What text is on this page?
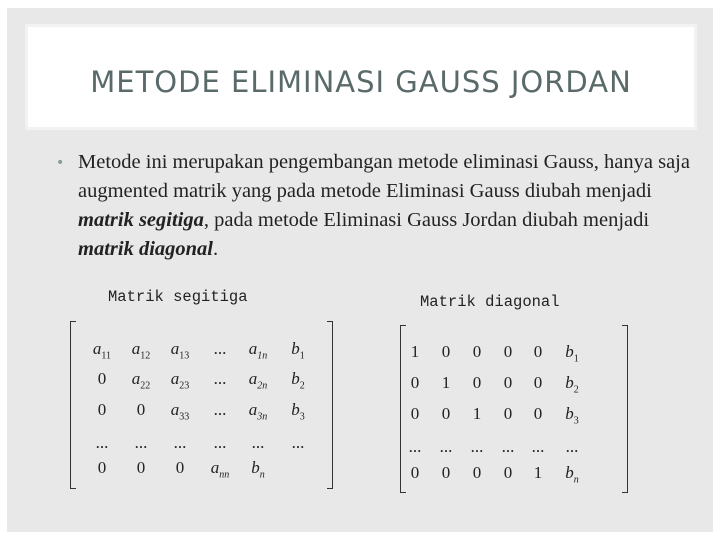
METODE ELIMINASI GAUSS JORDAN
• Metode ini merupakan pengembangan metode eliminasi Gauss, hanya saja augmented matrik yang pada metode Eliminasi Gauss diubah menjadi matrik segitiga, pada metode Eliminasi Gauss Jordan diubah menjadi matrik diagonal.
Matrik segitiga	Matrik diagonal
$a_{11}$	$a_{12}$	$a_{13}$	...	$a_{1n}$	$b_1$
0	$a_{22}$	$a_{23}$	...	$a_{2n}$	$b_2$
0	0	$a_{33}$	...	$a_{3n}$	$b_3$
...	...	...	...	...	...
0	0	0	$a_{nn}$	$b_n$
1	0	0	0	0	$b_1$
0	1	0	0	0	$b_2$
0	0	1	0	0	$b_3$
...	...	...	...	...	...
0	0	0	0	1	$b_n$
